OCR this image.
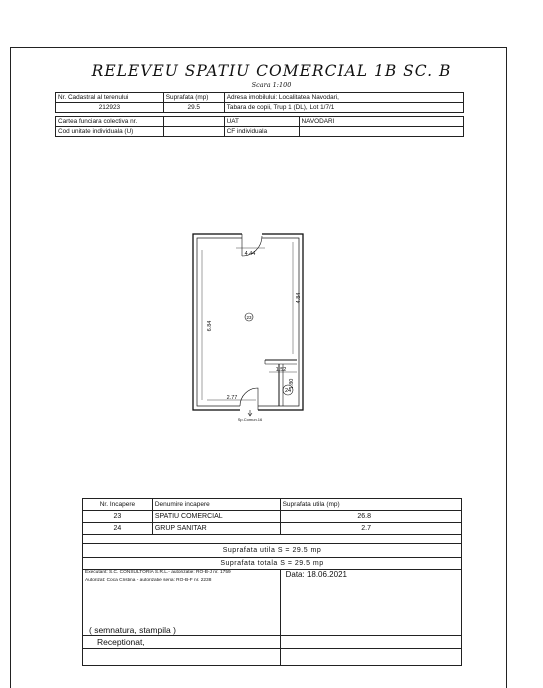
RELEVEU SPATIU COMERCIAL 1B SC. B
Scara 1:100
Nr. Cadastral al terenului	Suprafata (mp)	Adresa imobilului: Localitatea Navodari,
212923	29.5	Tabara de copii, Trup 1 (DL), Lot 1/7/1
Cartea funciara colectiva nr.		UAT	NAVODARI
Cod unitate individuala (U)		CF individuala	
4.44
6.84
4.84
1.52
1.80
2.77
Sp.Comun.16
23
24
Nr. Incapere	Denumire incapere	Suprafata utila (mp)
23	SPATIU COMERCIAL	26.8
24	GRUP SANITAR	2.7

Suprafata utila S = 29.5 mp		
Suprafata totala S = 29.5 mp		
Executant: S.C. CONSULTORIA S.R.L.- autorizatie: RO-B-J nr. 1759		Data: 18.06.2021
Autorizat: Coca Cristina - autorizatie seria: RO-B-F nr. 2238		
( semnatura, stampila )		
Receptionat,		
